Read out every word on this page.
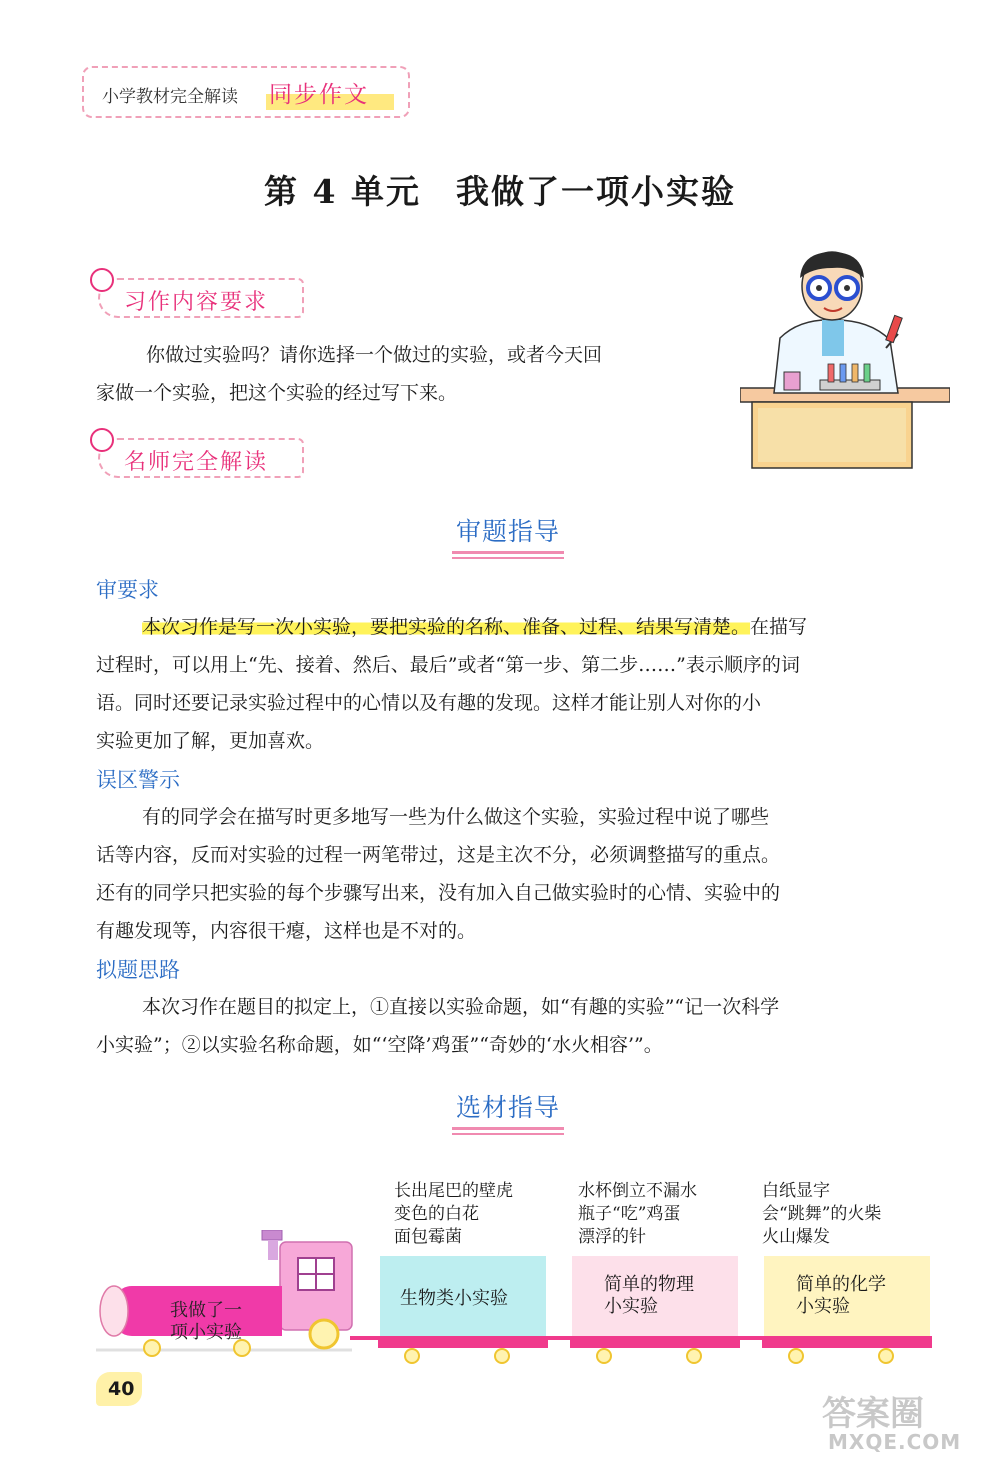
小学教材完全解读 同步作文
第 4 单元　我做了一项小实验
习作内容要求
你做过实验吗？请你选择一个做过的实验，或者今天回
家做一个实验，把这个实验的经过写下来。
名师完全解读
审题指导
审要求
本次习作是写一次小实验，要把实验的名称、准备、过程、结果写清楚。在描写
过程时，可以用上“先、接着、然后、最后”或者“第一步、第二步……”表示顺序的词
语。同时还要记录实验过程中的心情以及有趣的发现。这样才能让别人对你的小
实验更加了解，更加喜欢。
误区警示
有的同学会在描写时更多地写一些为什么做这个实验，实验过程中说了哪些
话等内容，反而对实验的过程一两笔带过，这是主次不分，必须调整描写的重点。
还有的同学只把实验的每个步骤写出来，没有加入自己做实验时的心情、实验中的
有趣发现等，内容很干瘪，这样也是不对的。
拟题思路
本次习作在题目的拟定上，①直接以实验命题，如“有趣的实验”“记一次科学
小实验”；②以实验名称命题，如“‘空降’鸡蛋”“奇妙的‘水火相容’”。
选材指导
长出尾巴的壁虎
变色的白花
面包霉菌
水杯倒立不漏水
瓶子“吃”鸡蛋
漂浮的针
白纸显字
会“跳舞”的火柴
火山爆发
我做了一
项小实验
生物类小实验
简单的物理
小实验
简单的化学
小实验
40
答案圈
MXQE.COM
